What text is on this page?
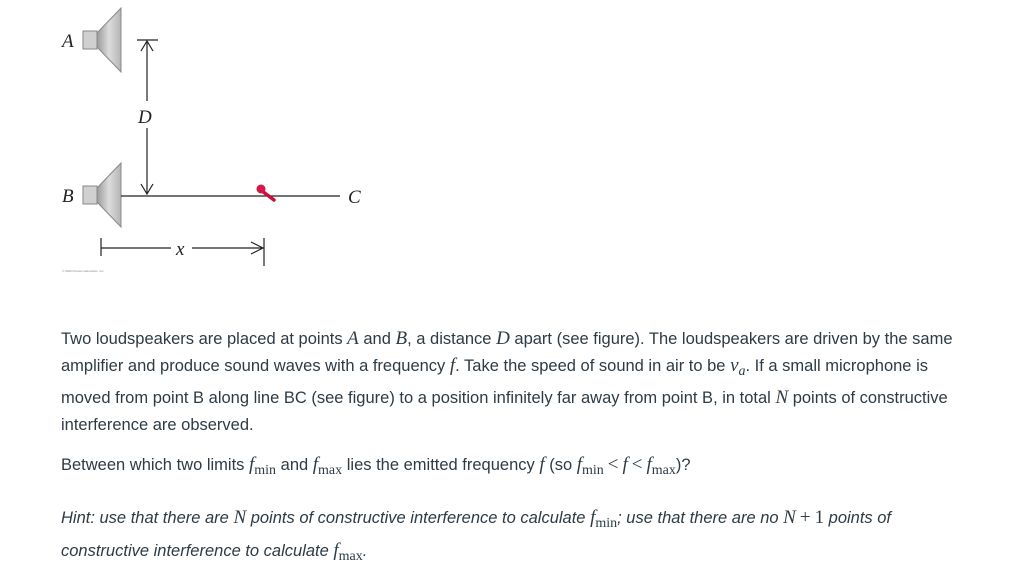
A
B
D
C
x
© 2020 Pearson Education, Inc.

Two loudspeakers are placed at points A and B, a distance D apart (see figure). The loudspeakers are driven by the same amplifier and produce sound waves with a frequency f. Take the speed of sound in air to be $v_a$. If a small microphone is moved from point B along line BC (see figure) to a position infinitely far away from point B, in total N points of constructive interference are observed.

Between which two limits $f_{min}$ and $f_{max}$ lies the emitted frequency f (so $f_{min} < f < f_{max}$)?

Hint: use that there are N points of constructive interference to calculate $f_{min}$; use that there are no N + 1 points of constructive interference to calculate $f_{max}$.
